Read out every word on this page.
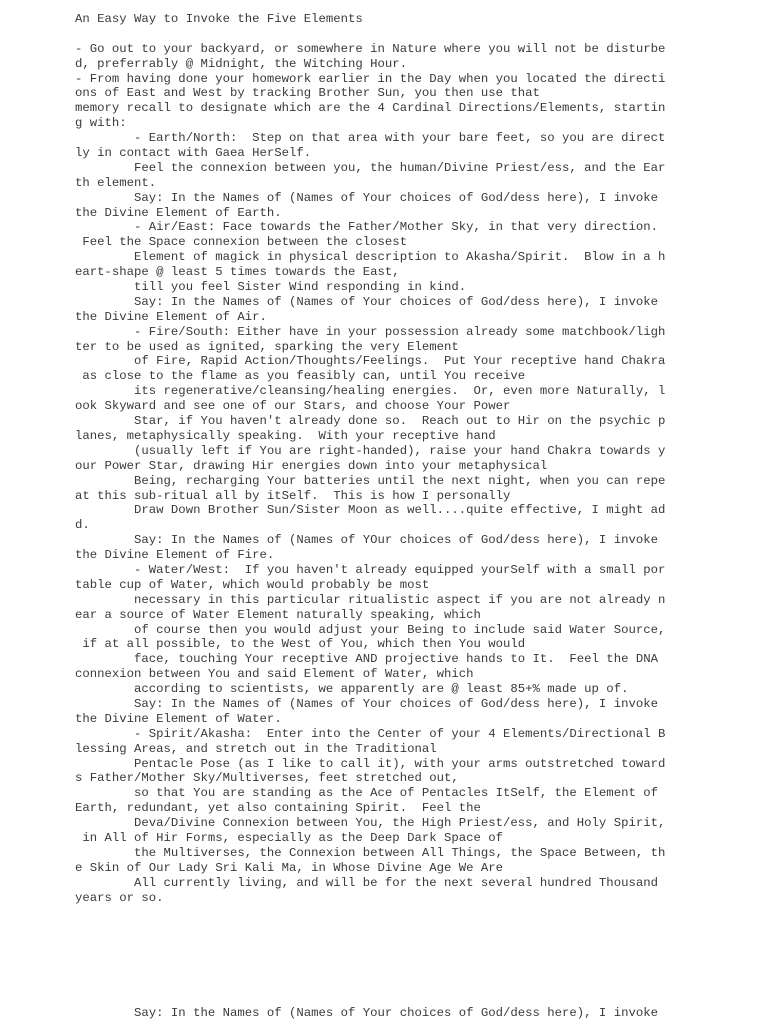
An Easy Way to Invoke the Five Elements
- Go out to your backyard, or somewhere in Nature where you will not be disturbe
d, preferrably @ Midnight, the Witching Hour.
- From having done your homework earlier in the Day when you located the directi
ons of East and West by tracking Brother Sun, you then use that
memory recall to designate which are the 4 Cardinal Directions/Elements, startin
g with:
- Earth/North:  Step on that area with your bare feet, so you are direct
ly in contact with Gaea HerSelf.
Feel the connexion between you, the human/Divine Priest/ess, and the Ear
th element.
Say: In the Names of (Names of Your choices of God/dess here), I invoke
the Divine Element of Earth.
- Air/East: Face towards the Father/Mother Sky, in that very direction.
Feel the Space connexion between the closest
Element of magick in physical description to Akasha/Spirit.  Blow in a h
eart-shape @ least 5 times towards the East,
till you feel Sister Wind responding in kind.
Say: In the Names of (Names of Your choices of God/dess here), I invoke
the Divine Element of Air.
- Fire/South: Either have in your possession already some matchbook/ligh
ter to be used as ignited, sparking the very Element
of Fire, Rapid Action/Thoughts/Feelings.  Put Your receptive hand Chakra
as close to the flame as you feasibly can, until You receive
its regenerative/cleansing/healing energies.  Or, even more Naturally, l
ook Skyward and see one of our Stars, and choose Your Power
Star, if You haven't already done so.  Reach out to Hir on the psychic p
lanes, metaphysically speaking.  With your receptive hand
(usually left if You are right-handed), raise your hand Chakra towards y
our Power Star, drawing Hir energies down into your metaphysical
Being, recharging Your batteries until the next night, when you can repe
at this sub-ritual all by itSelf.  This is how I personally
Draw Down Brother Sun/Sister Moon as well....quite effective, I might ad
d.
Say: In the Names of (Names of YOur choices of God/dess here), I invoke
the Divine Element of Fire.
- Water/West:  If you haven't already equipped yourSelf with a small por
table cup of Water, which would probably be most
necessary in this particular ritualistic aspect if you are not already n
ear a source of Water Element naturally speaking, which
of course then you would adjust your Being to include said Water Source,
if at all possible, to the West of You, which then You would
face, touching Your receptive AND projective hands to It.  Feel the DNA
connexion between You and said Element of Water, which
according to scientists, we apparently are @ least 85+% made up of.
Say: In the Names of (Names of Your choices of God/dess here), I invoke
the Divine Element of Water.
- Spirit/Akasha:  Enter into the Center of your 4 Elements/Directional B
lessing Areas, and stretch out in the Traditional
Pentacle Pose (as I like to call it), with your arms outstretched toward
s Father/Mother Sky/Multiverses, feet stretched out,
so that You are standing as the Ace of Pentacles ItSelf, the Element of
Earth, redundant, yet also containing Spirit.  Feel the
Deva/Divine Connexion between You, the High Priest/ess, and Holy Spirit,
in All of Hir Forms, especially as the Deep Dark Space of
the Multiverses, the Connexion between All Things, the Space Between, th
e Skin of Our Lady Sri Kali Ma, in Whose Divine Age We Are
All currently living, and will be for the next several hundred Thousand
years or so.
Say: In the Names of (Names of Your choices of God/dess here), I invoke
